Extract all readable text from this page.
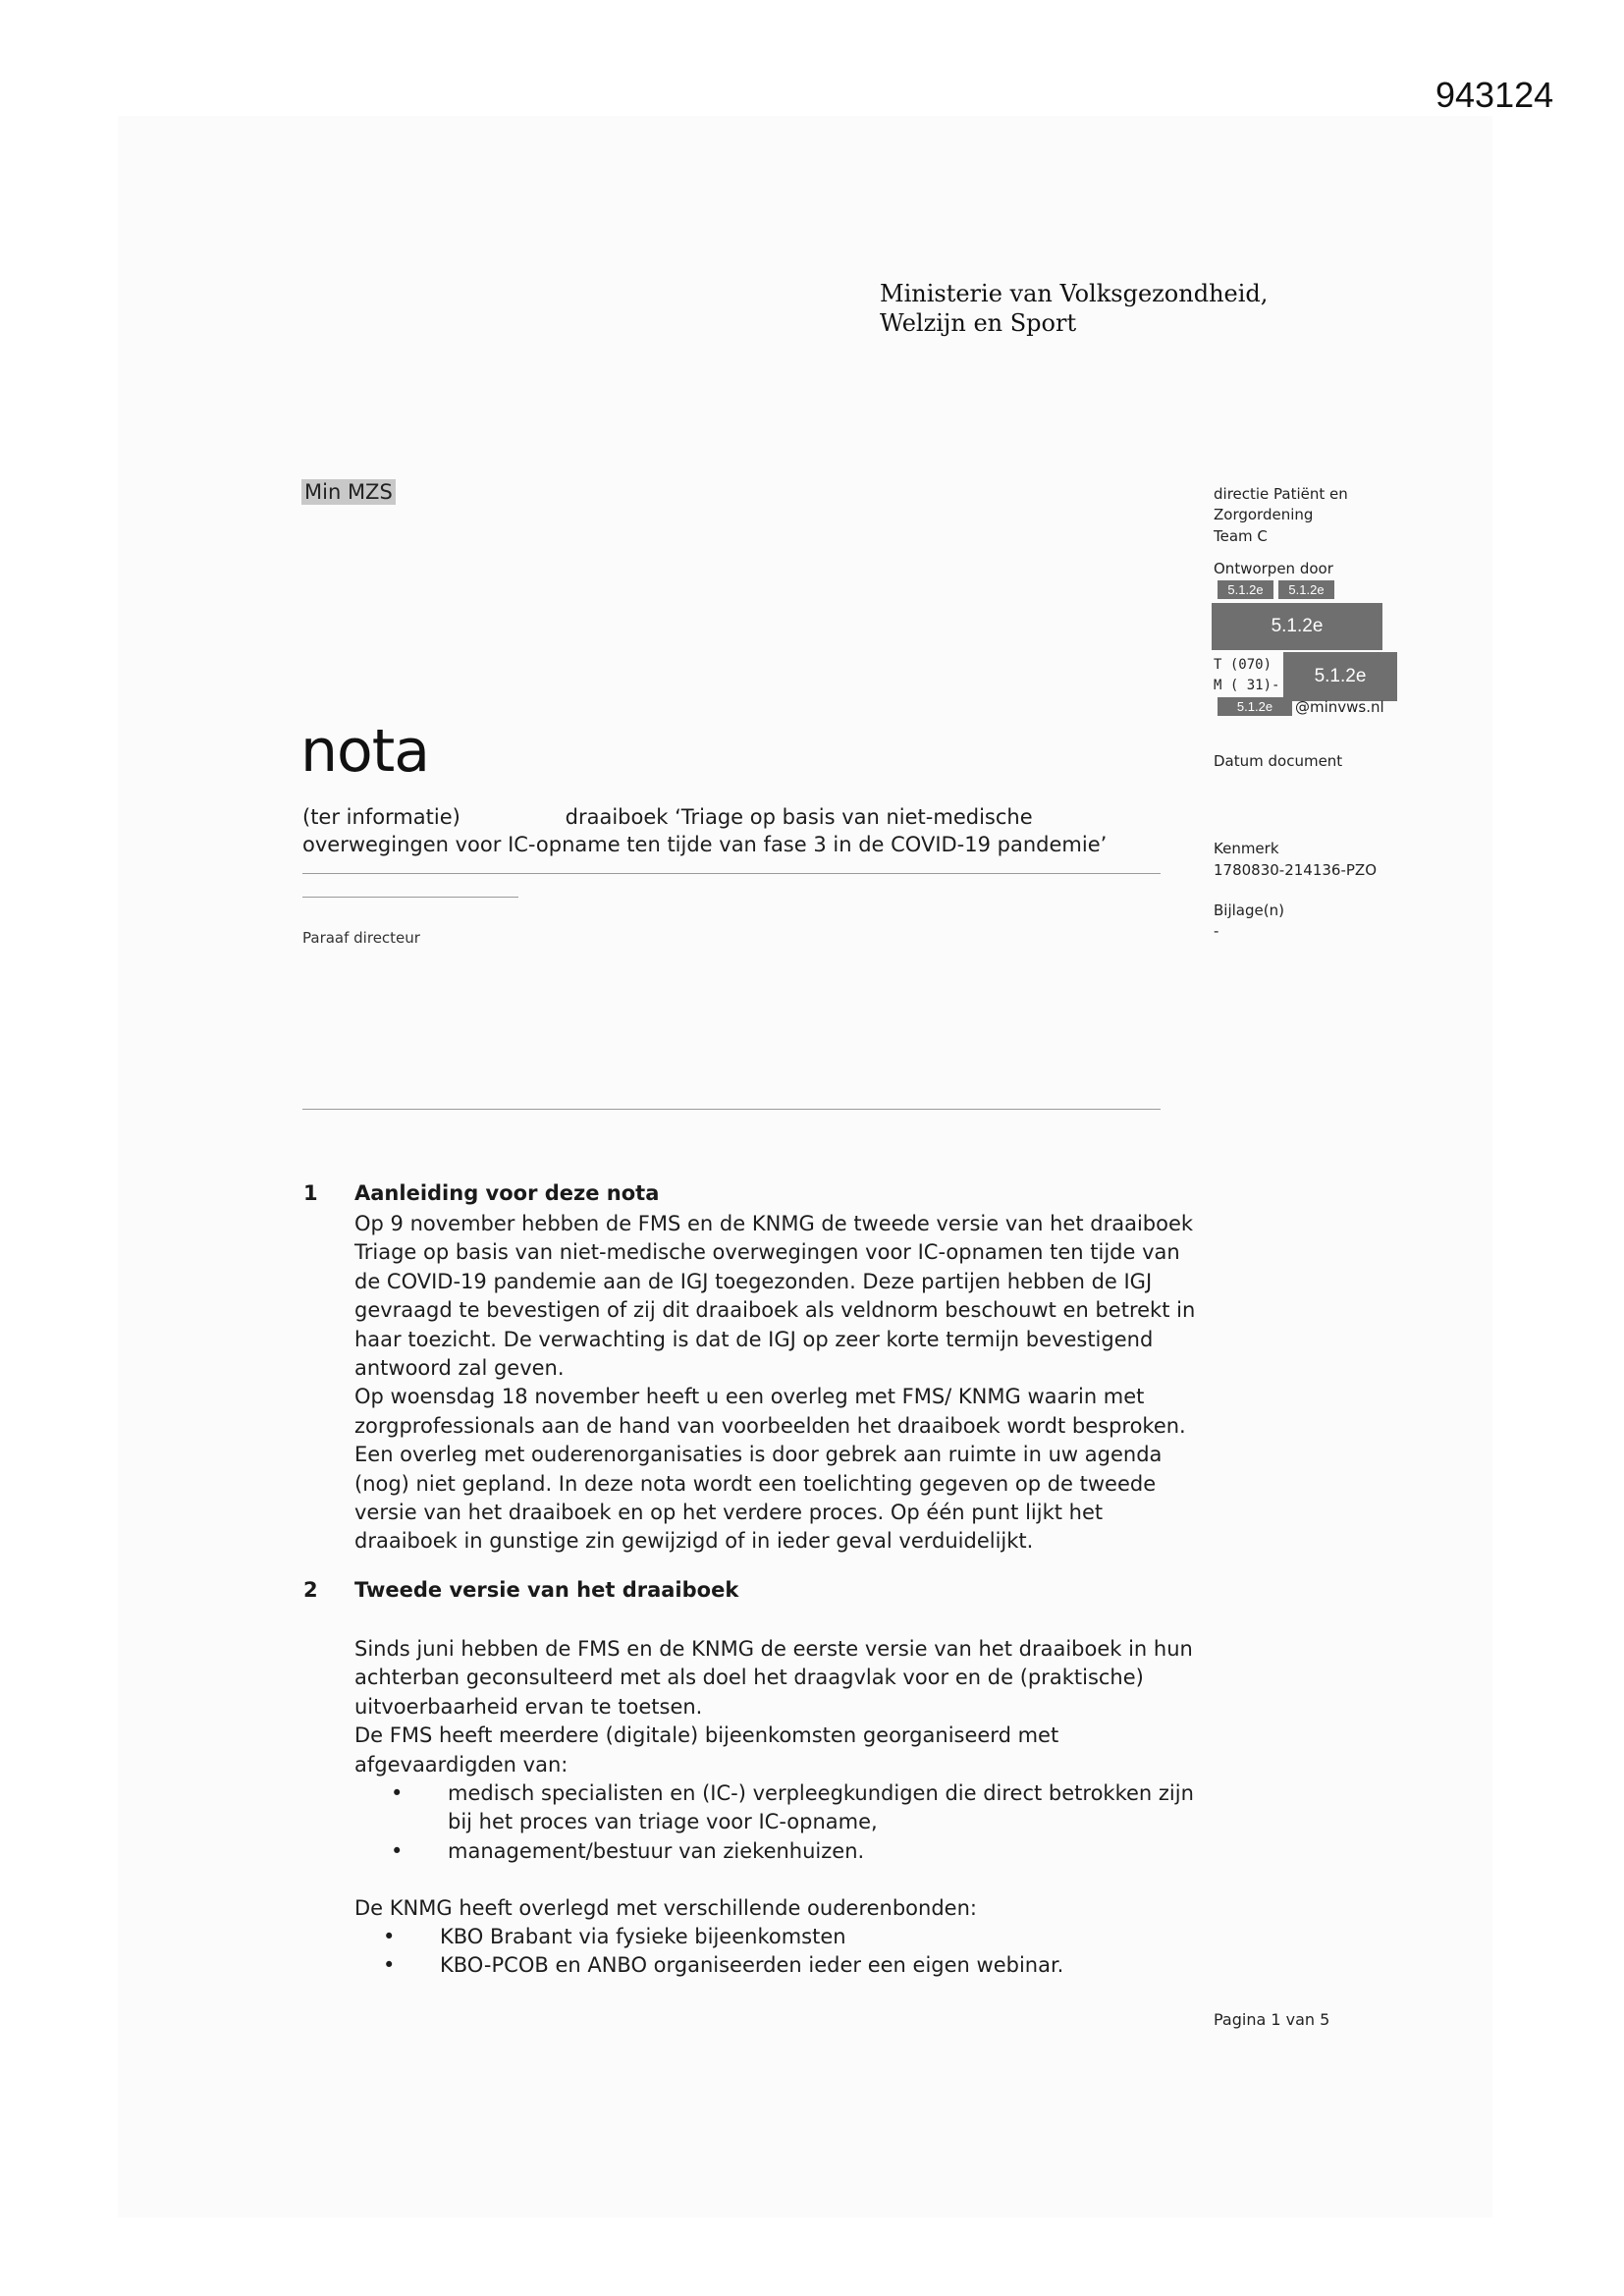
943124
Ministerie van Volksgezondheid,
Welzijn en Sport
Min MZS	directie Patiënt en
Zorgordening
Team C
Ontworpen door
5.1.2e	5.1.2e
5.1.2e
T (070)
M ( 31)-	5.1.2e
5.1.2e	@minvws.nl
Datum document
Kenmerk
1780830-214136-PZO
Bijlage(n)
-
nota
(ter informatie)                draaiboek ‘Triage op basis van niet-medische
overwegingen voor IC-opname ten tijde van fase 3 in de COVID-19 pandemie’
Paraaf directeur
1 Aanleiding voor deze nota

Op 9 november hebben de FMS en de KNMG de tweede versie van het draaiboek Triage op basis van niet-medische overwegingen voor IC-opnamen ten tijde van de COVID-19 pandemie aan de IGJ toegezonden. Deze partijen hebben de IGJ gevraagd te bevestigen of zij dit draaiboek als veldnorm beschouwt en betrekt in haar toezicht. De verwachting is dat de IGJ op zeer korte termijn bevestigend antwoord zal geven.

Op woensdag 18 november heeft u een overleg met FMS/ KNMG waarin met zorgprofessionals aan de hand van voorbeelden het draaiboek wordt besproken. Een overleg met ouderenorganisaties is door gebrek aan ruimte in uw agenda (nog) niet gepland. In deze nota wordt een toelichting gegeven op de tweede versie van het draaiboek en op het verdere proces. Op één punt lijkt het draaiboek in gunstige zin gewijzigd of in ieder geval verduidelijkt.

2 Tweede versie van het draaiboek

Sinds juni hebben de FMS en de KNMG de eerste versie van het draaiboek in hun achterban geconsulteerd met als doel het draagvlak voor en de (praktische) uitvoerbaarheid ervan te toetsen.

De FMS heeft meerdere (digitale) bijeenkomsten georganiseerd met afgevaardigden van:

• medisch specialisten en (IC-) verpleegkundigen die direct betrokken zijn bij het proces van triage voor IC-opname,
• management/bestuur van ziekenhuizen.
De KNMG heeft overlegd met verschillende ouderenbonden:
• KBO Brabant via fysieke bijeenkomsten
• KBO-PCOB en ANBO organiseerden ieder een eigen webinar.
Pagina 1 van 5
